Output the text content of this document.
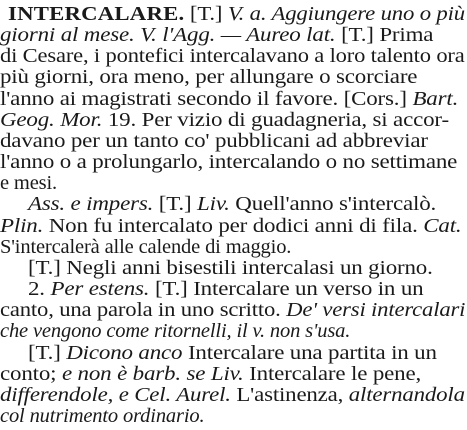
INTERCALARE. [T.] V. a. Aggiungere uno o più
giorni al mese. V. l'Agg. — Aureo lat. [T.] Prima
di Cesare, i pontefici intercalavano a loro talento ora
più giorni, ora meno, per allungare o scorciare
l'anno ai magistrati secondo il favore. [Cors.] Bart.
Geog. Mor. 19. Per vizio di guadagneria, si accor-
davano per un tanto co' pubblicani ad abbreviar
l'anno o a prolungarlo, intercalando o no settimane
e mesi.
Ass. e impers. [T.] Liv. Quell'anno s'intercalò.
Plin. Non fu intercalato per dodici anni di fila. Cat.
S'intercalerà alle calende di maggio.
[T.] Negli anni bisestili intercalasi un giorno.
2. Per estens. [T.] Intercalare un verso in un
canto, una parola in uno scritto. De' versi intercalari
che vengono come ritornelli, il v. non s'usa.
[T.] Dicono anco Intercalare una partita in un
conto; e non è barb. se Liv. Intercalare le pene,
differendole, e Cel. Aurel. L'astinenza, alternandola
col nutrimento ordinario.
